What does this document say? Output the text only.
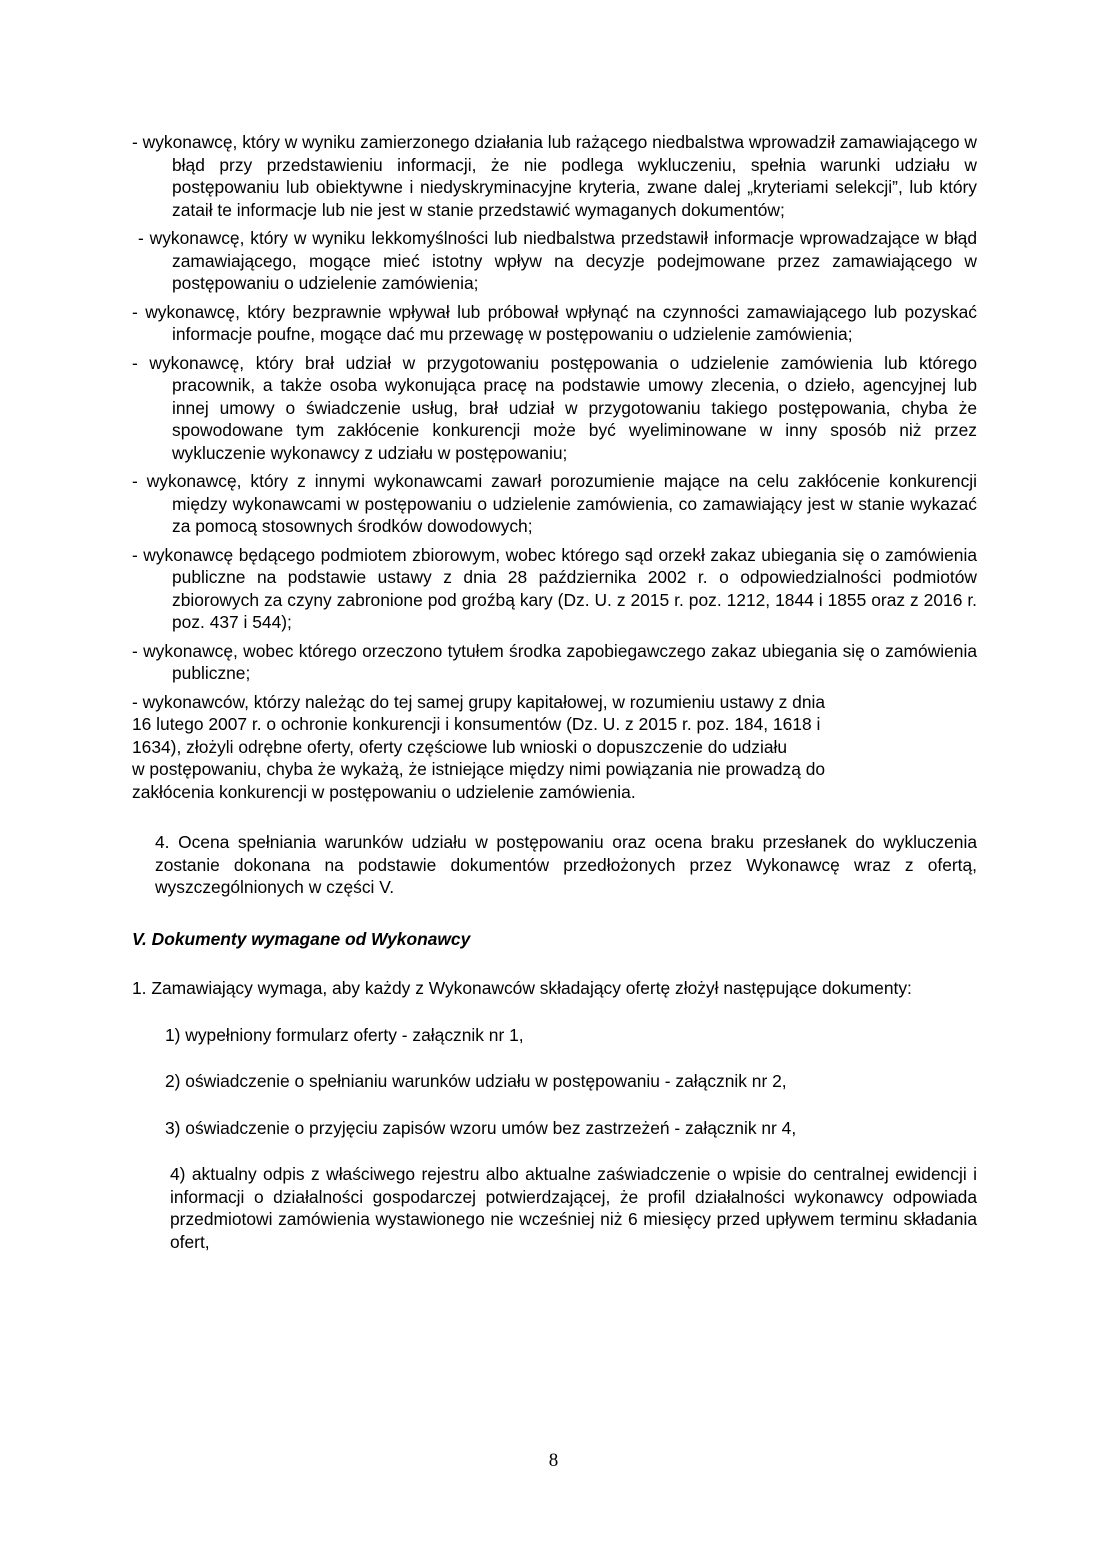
- wykonawcę, który w wyniku zamierzonego działania lub rażącego niedbalstwa wprowadził zamawiającego w błąd przy przedstawieniu informacji, że nie podlega wykluczeniu, spełnia warunki udziału w postępowaniu lub obiektywne i niedyskryminacyjne kryteria, zwane dalej „kryteriami selekcji”, lub który zataił te informacje lub nie jest w stanie przedstawić wymaganych dokumentów;

- wykonawcę, który w wyniku lekkomyślności lub niedbalstwa przedstawił informacje wprowadzające w błąd zamawiającego, mogące mieć istotny wpływ na decyzje podejmowane przez zamawiającego w postępowaniu o udzielenie zamówienia;

- wykonawcę, który bezprawnie wpływał lub próbował wpłynąć na czynności zamawiającego lub pozyskać informacje poufne, mogące dać mu przewagę w postępowaniu o udzielenie zamówienia;

- wykonawcę, który brał udział w przygotowaniu postępowania o udzielenie zamówienia lub którego pracownik, a także osoba wykonująca pracę na podstawie umowy zlecenia, o dzieło, agencyjnej lub innej umowy o świadczenie usług, brał udział w przygotowaniu takiego postępowania, chyba że spowodowane tym zakłócenie konkurencji może być wyeliminowane w inny sposób niż przez wykluczenie wykonawcy z udziału w postępowaniu;

- wykonawcę, który z innymi wykonawcami zawarł porozumienie mające na celu zakłócenie konkurencji między wykonawcami w postępowaniu o udzielenie zamówienia, co zamawiający jest w stanie wykazać za pomocą stosownych środków dowodowych;

- wykonawcę będącego podmiotem zbiorowym, wobec którego sąd orzekł zakaz ubiegania się o zamówienia publiczne na podstawie ustawy z dnia 28 października 2002 r. o odpowiedzialności podmiotów zbiorowych za czyny zabronione pod groźbą kary (Dz. U. z 2015 r. poz. 1212, 1844 i 1855 oraz z 2016 r. poz. 437 i 544);

- wykonawcę, wobec którego orzeczono tytułem środka zapobiegawczego zakaz ubiegania się o zamówienia publiczne;

- wykonawców, którzy należąc do tej samej grupy kapitałowej, w rozumieniu ustawy z dnia
16 lutego 2007 r. o ochronie konkurencji i konsumentów (Dz. U. z 2015 r. poz. 184, 1618 i
1634), złożyli odrębne oferty, oferty częściowe lub wnioski o dopuszczenie do udziału
w postępowaniu, chyba że wykażą, że istniejące między nimi powiązania nie prowadzą do
zakłócenia konkurencji w postępowaniu o udzielenie zamówienia.

4. Ocena spełniania warunków udziału w postępowaniu oraz ocena braku przesłanek do wykluczenia zostanie dokonana na podstawie dokumentów przedłożonych przez Wykonawcę wraz z ofertą, wyszczególnionych w części V.

V. Dokumenty wymagane od Wykonawcy

1. Zamawiający wymaga, aby każdy z Wykonawców składający ofertę złożył następujące dokumenty:

1) wypełniony formularz oferty - załącznik nr 1,

2) oświadczenie o spełnianiu warunków udziału w postępowaniu - załącznik nr 2,

3) oświadczenie o przyjęciu zapisów wzoru umów bez zastrzeżeń - załącznik nr 4,

4) aktualny odpis z właściwego rejestru albo aktualne zaświadczenie o wpisie do centralnej ewidencji i informacji o działalności gospodarczej potwierdzającej, że profil działalności wykonawcy odpowiada przedmiotowi zamówienia wystawionego nie wcześniej niż 6 miesięcy przed upływem terminu składania ofert,

8
